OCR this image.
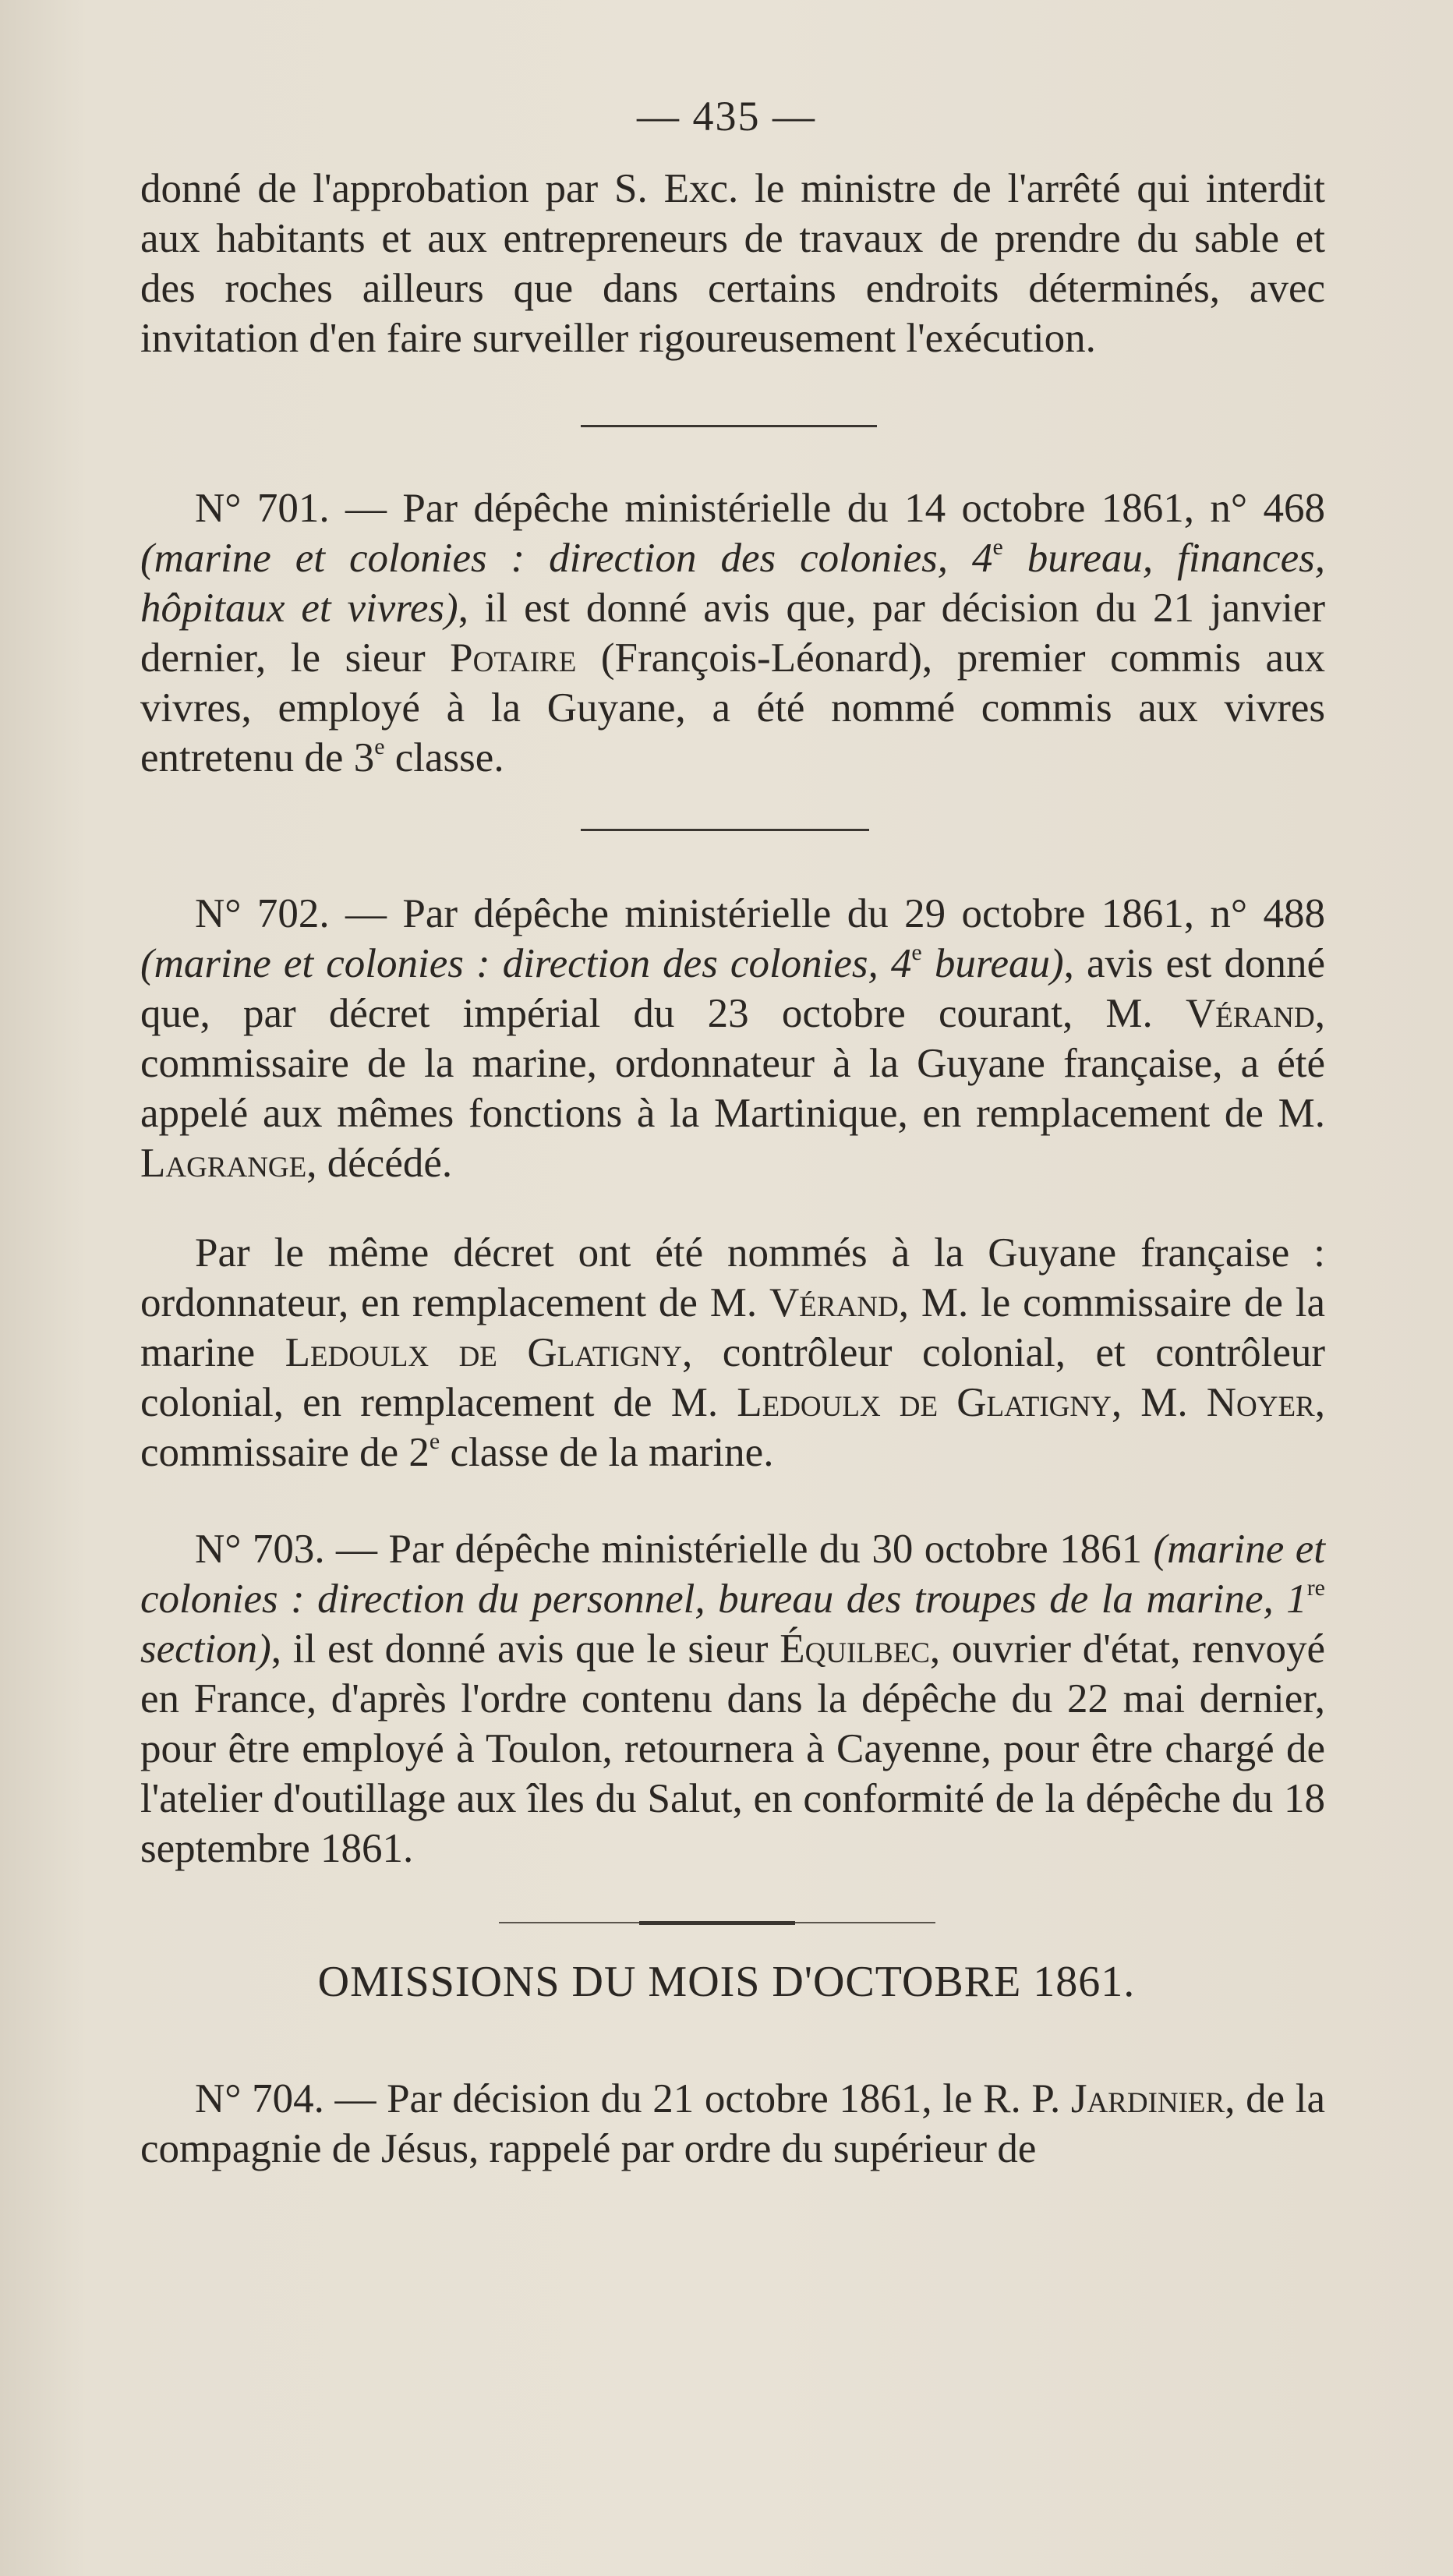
— 435 —

donné de l'approbation par S. Exc. le ministre de l'arrêté qui interdit aux habitants et aux entrepreneurs de travaux de prendre du sable et des roches ailleurs que dans certains endroits déterminés, avec invitation d'en faire surveiller rigoureusement l'exécution.

N° 701. — Par dépêche ministérielle du 14 octobre 1861, n° 468 (marine et colonies : direction des colonies, 4e bureau, finances, hôpitaux et vivres), il est donné avis que, par décision du 21 janvier dernier, le sieur Potaire (François-Léonard), premier commis aux vivres, employé à la Guyane, a été nommé commis aux vivres entretenu de 3e classe.

N° 702. — Par dépêche ministérielle du 29 octobre 1861, n° 488 (marine et colonies : direction des colonies, 4e bureau), avis est donné que, par décret impérial du 23 octobre courant, M. Vérand, commissaire de la marine, ordonnateur à la Guyane française, a été appelé aux mêmes fonctions à la Martinique, en remplacement de M. Lagrange, décédé.

Par le même décret ont été nommés à la Guyane française : ordonnateur, en remplacement de M. Vérand, M. le commissaire de la marine Ledoulx de Glatigny, contrôleur colonial, et contrôleur colonial, en remplacement de M. Ledoulx de Glatigny, M. Noyer, commissaire de 2e classe de la marine.

N° 703. — Par dépêche ministérielle du 30 octobre 1861 (marine et colonies : direction du personnel, bureau des troupes de la marine, 1re section), il est donné avis que le sieur Équilbec, ouvrier d'état, renvoyé en France, d'après l'ordre contenu dans la dépêche du 22 mai dernier, pour être employé à Toulon, retournera à Cayenne, pour être chargé de l'atelier d'outillage aux îles du Salut, en conformité de la dépêche du 18 septembre 1861.

OMISSIONS DU MOIS D'OCTOBRE 1861.

N° 704. — Par décision du 21 octobre 1861, le R. P. Jardinier, de la compagnie de Jésus, rappelé par ordre du supérieur de
